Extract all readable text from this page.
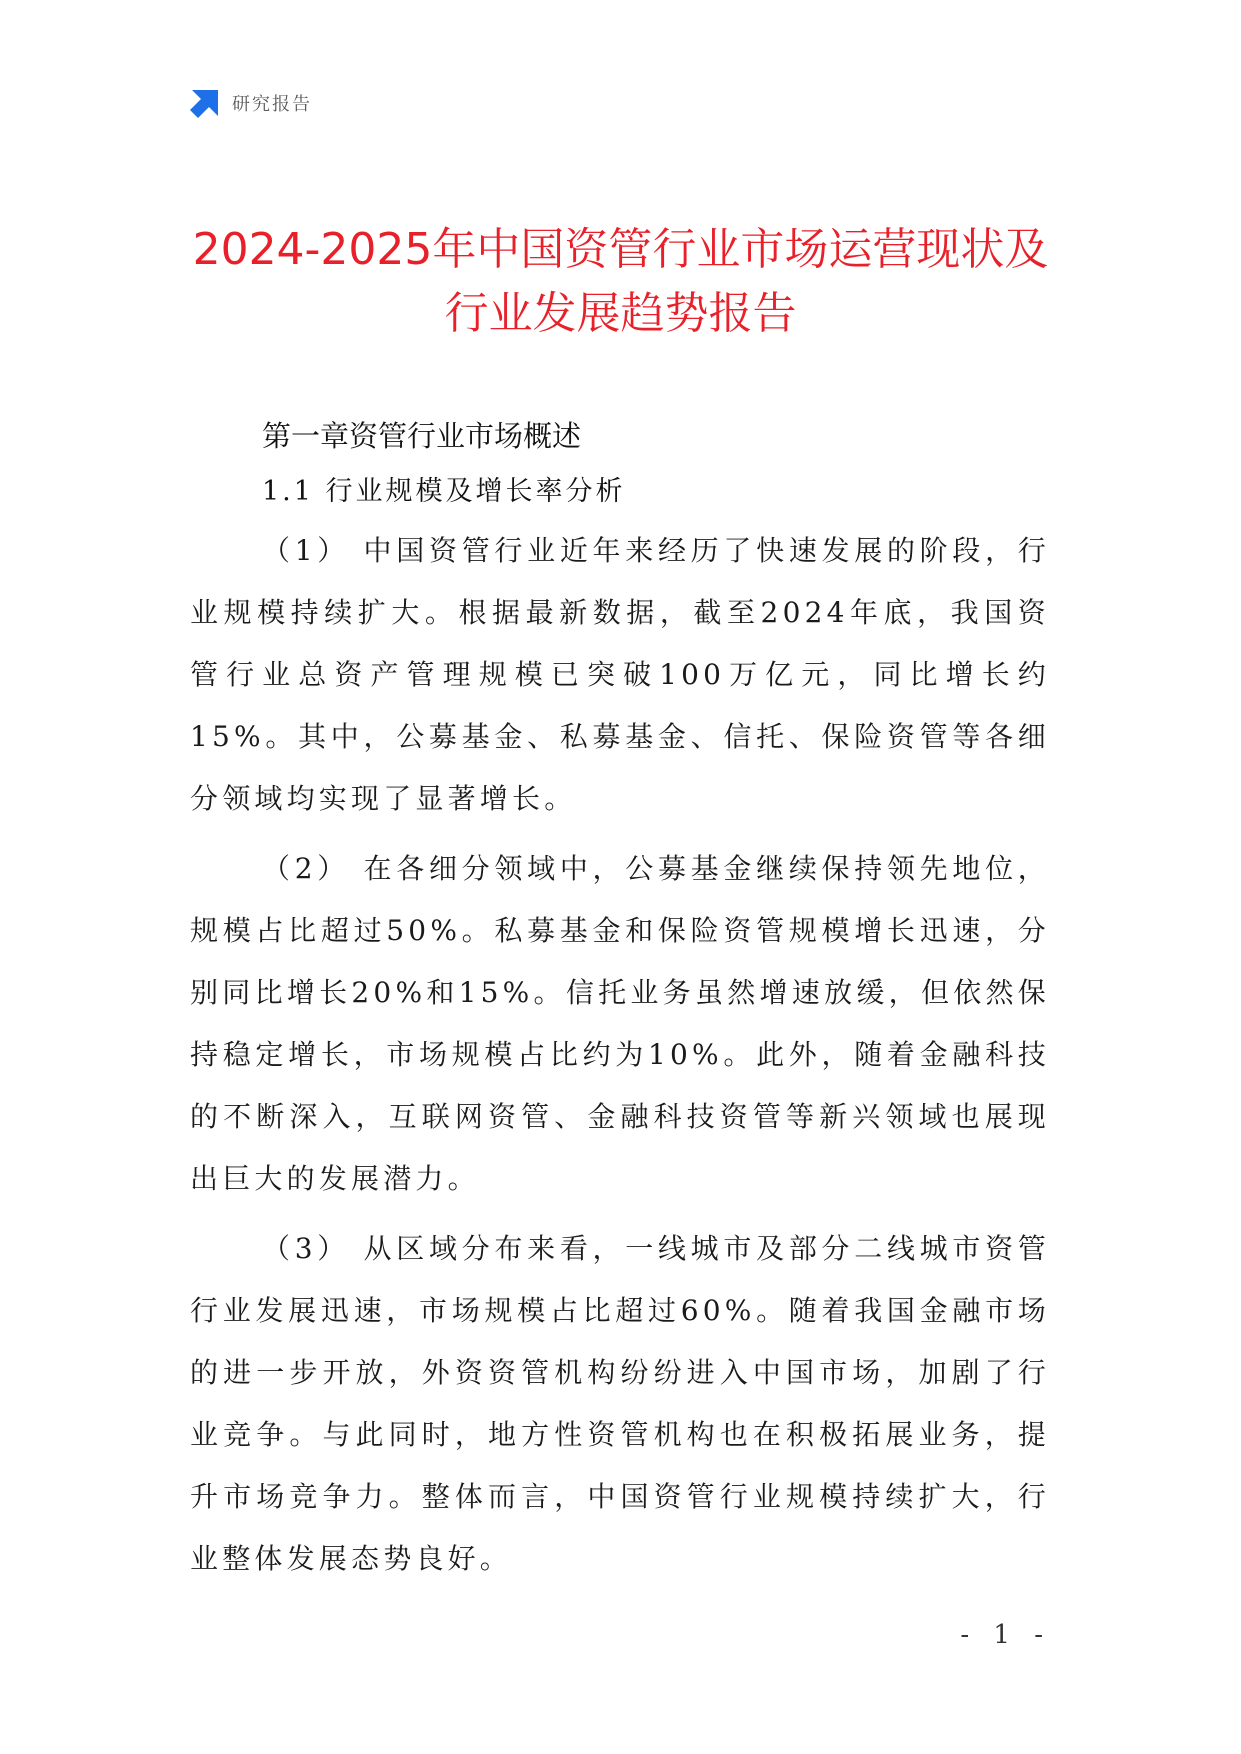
研究报告
2024-2025年中国资管行业市场运营现状及
行业发展趋势报告
第一章资管行业市场概述
1.1 行业规模及增长率分析

（1） 中国资管行业近年来经历了快速发展的阶段，行业规模持续扩大。根据最新数据，截至2024年底，我国资管行业总资产管理规模已突破100万亿元，同比增长约15%。其中，公募基金、私募基金、信托、保险资管等各细分领域均实现了显著增长。

（2） 在各细分领域中，公募基金继续保持领先地位，规模占比超过50%。私募基金和保险资管规模增长迅速，分别同比增长20%和15%。信托业务虽然增速放缓，但依然保持稳定增长，市场规模占比约为10%。此外，随着金融科技的不断深入，互联网资管、金融科技资管等新兴领域也展现出巨大的发展潜力。

（3） 从区域分布来看，一线城市及部分二线城市资管行业发展迅速，市场规模占比超过60%。随着我国金融市场的进一步开放，外资资管机构纷纷进入中国市场，加剧了行业竞争。与此同时，地方性资管机构也在积极拓展业务，提升市场竞争力。整体而言，中国资管行业规模持续扩大，行业整体发展态势良好。

- 1 -
